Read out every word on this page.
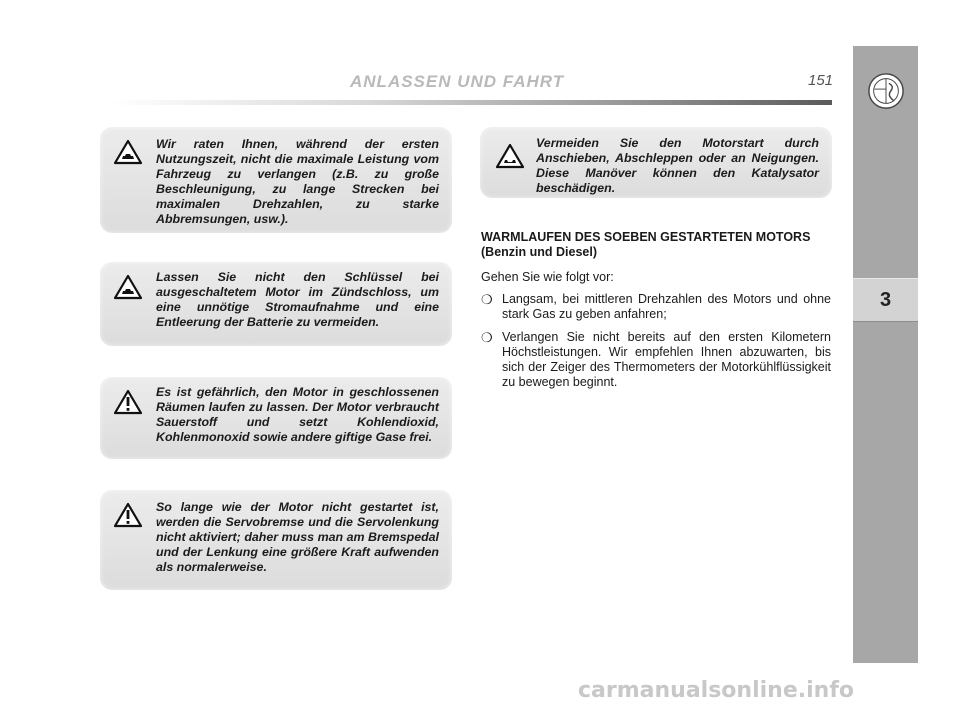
ANLASSEN UND FAHRT	151
3

Wir raten Ihnen, während der ersten Nutzungszeit, nicht die maximale Leistung vom Fahrzeug zu verlangen (z.B. zu große Beschleunigung, zu lange Strecken bei maximalen Drehzahlen, zu starke Abbremsungen, usw.).

Lassen Sie nicht den Schlüssel bei ausgeschaltetem Motor im Zündschloss, um eine unnötige Stromaufnahme und eine Entleerung der Batterie zu vermeiden.

Es ist gefährlich, den Motor in geschlossenen Räumen laufen zu lassen. Der Motor verbraucht Sauerstoff und setzt Kohlendioxid, Kohlenmonoxid sowie andere giftige Gase frei.

So lange wie der Motor nicht gestartet ist, werden die Servobremse und die Servolenkung nicht aktiviert; daher muss man am Bremspedal und der Lenkung eine größere Kraft aufwenden als normalerweise.

Vermeiden Sie den Motorstart durch Anschieben, Abschleppen oder an Neigungen. Diese Manöver können den Katalysator beschädigen.

WARMLAUFEN DES SOEBEN GESTARTETEN MOTORS (Benzin und Diesel)
Gehen Sie wie folgt vor:
❍ Langsam, bei mittleren Drehzahlen des Motors und ohne stark Gas zu geben anfahren;
❍ Verlangen Sie nicht bereits auf den ersten Kilometern Höchstleistungen. Wir empfehlen Ihnen abzuwarten, bis sich der Zeiger des Thermometers der Motorkühlflüssigkeit zu bewegen beginnt.
carmanualsonline.info
